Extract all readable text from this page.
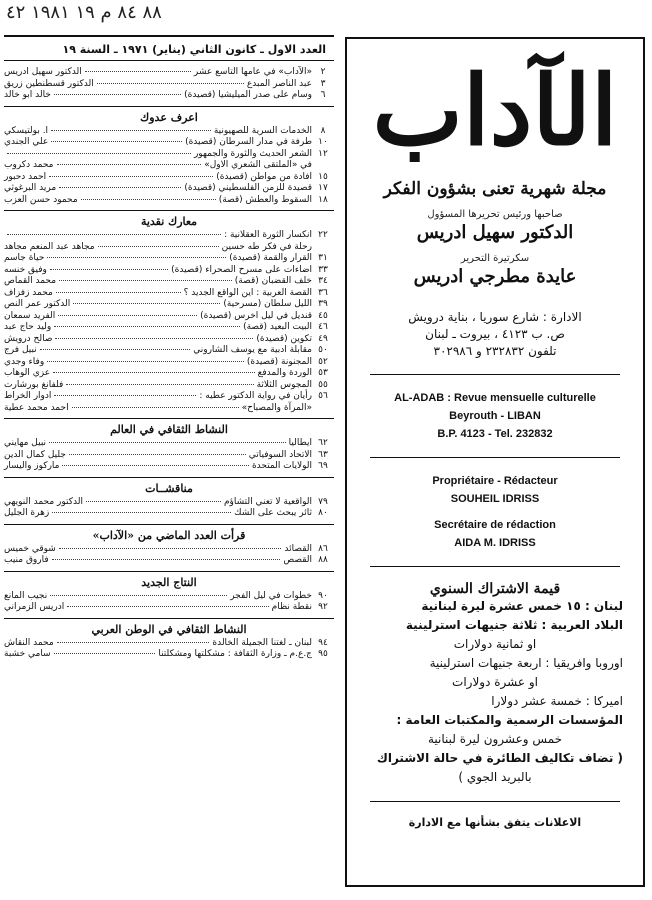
٨٨ ٨٤ م ١٩ ١٩٨١ ٤٢
الآداب
مجلة شهرية تعنى بشؤون الفكر
صاحبها ورئيس تحريرها المسؤول
الدكتور سهيل ادريس
سكرتيرة التحرير
عايدة مطرجي ادريس
الادارة : شارع سوريا ، بناية درويش
ص. ب ٤١٢٣ ، بيروت ـ لبنان
تلفون ٢٣٢٨٣٢ و ٣٠٢٩٨٦
AL-ADAB : Revue mensuelle culturelle
Beyrouth - LIBAN
B.P. 4123 - Tel. 232832
Propriétaire - Rédacteur
SOUHEIL IDRISS
Secrétaire de rédaction
AIDA M. IDRISS
قيمة الاشتراك السنوي
لبنان : ١٥ خمس عشرة ليرة لبنانية
البلاد العربية : ثلاثة جنيهات استرلينية
او ثمانية دولارات
اوروبا وافريقيا : اربعة جنيهات استرلينية
او عشرة دولارات
اميركا : خمسة عشر دولارا
المؤسسات الرسمية والمكتبات العامة :
خمس وعشرون ليرة لبنانية
( تضاف تكاليف الطائرة في حالة الاشتراك
بالبريد الجوي )
الاعلانات يتفق بشأنها مع الادارة
العدد الاول ـ كانون الثاني (يناير) ١٩٧١ ـ السنة ١٩
٢
«الآداب» في عامها التاسع عشر
الدكتور سهيل ادريس
٣
عبد الناصر المبدع
الدكتور قسطنطين زريق
٦
وسام على صدر الميليشيا (قصيدة)
خالد ابو خالد
اعرف عدوك
٨
الخدمات السرية للصهيونية
ا. بولتيسكي
١٠
طرفة في مدار السرطان (قصيدة)
علي الجندي
١٢
الشعر الحديث والثورة والجمهور
في «الملتقى الشعري الاول»
محمد دكروب
١٥
افادة من مواطن (قصيدة)
احمد دحبور
١٧
قصيدة للزمن الفلسطيني (قصيدة)
مريد البرغوثي
١٨
السقوط والعطش (قصة)
محمود حسن العزب
معارك نقدية
٢٢
انكسار الثورة العقلانية :
رحلة في فكر طه حسين
مجاهد عبد المنعم مجاهد
٣١
القرار والقمة (قصيدة)
حياة جاسم
٣٣
اضاءات على مسرح الصحراء (قصيدة)
وفيق خنسه
٣٤
خلف القضبان (قصة)
محمد القماص
٣٦
القصة العربية : اين الواقع الجديد ؟
محمد زفزاف
٣٩
الليل سلطان (مسرحية)
الدكتور عمر النص
٤٥
قنديل في ليل اخرس (قصيدة)
الفريد سمعان
٤٦
البيت البعيد (قصة)
وليد حاج عبد
٤٩
تكوين (قصيدة)
صالح درويش
٥٠
مقابلة ادبية مع يوسف الشاروني
نبيل فرج
٥٢
المجنونة (قصيدة)
وفاء وجدي
٥٣
الوردة والمدفع
عزي الوهاب
٥٥
المجوس الثلاثة
فلفانغ بورشارت
٥٦
رأيان في رواية الدكتور عطيه :
ادوار الخراط
«المرآة والمصباح»
احمد محمد عطية
النشاط الثقافي في العالم
٦٢
ايطاليا
نبيل مهايني
٦٣
الاتحاد السوفياتي
جليل كمال الدين
٦٩
الولايات المتحدة
ماركوز واليسار
مناقشــات
٧٩
الواقعية لا تعني التشاؤم
الدكتور محمد النويهي
٨٠
ثائر يبحث على الشك
زهرة الجليل
قرأت العدد الماضي من «الآداب»
٨٦
القصائد
شوقي خميس
٨٨
القصص
فاروق منيب
النتاج الجديد
٩٠
خطوات في ليل الفجر
نجيب المانع
٩٢
نقطة نظام
ادريس الزمراني
النشاط الثقافي في الوطن العربي
٩٤
لبنان ـ لغتنا الجميلة الخالدة
محمد النقاش
٩٥
ج.ع.م ـ وزارة الثقافة : مشكلتها ومشكلتنا
سامي خشبة
